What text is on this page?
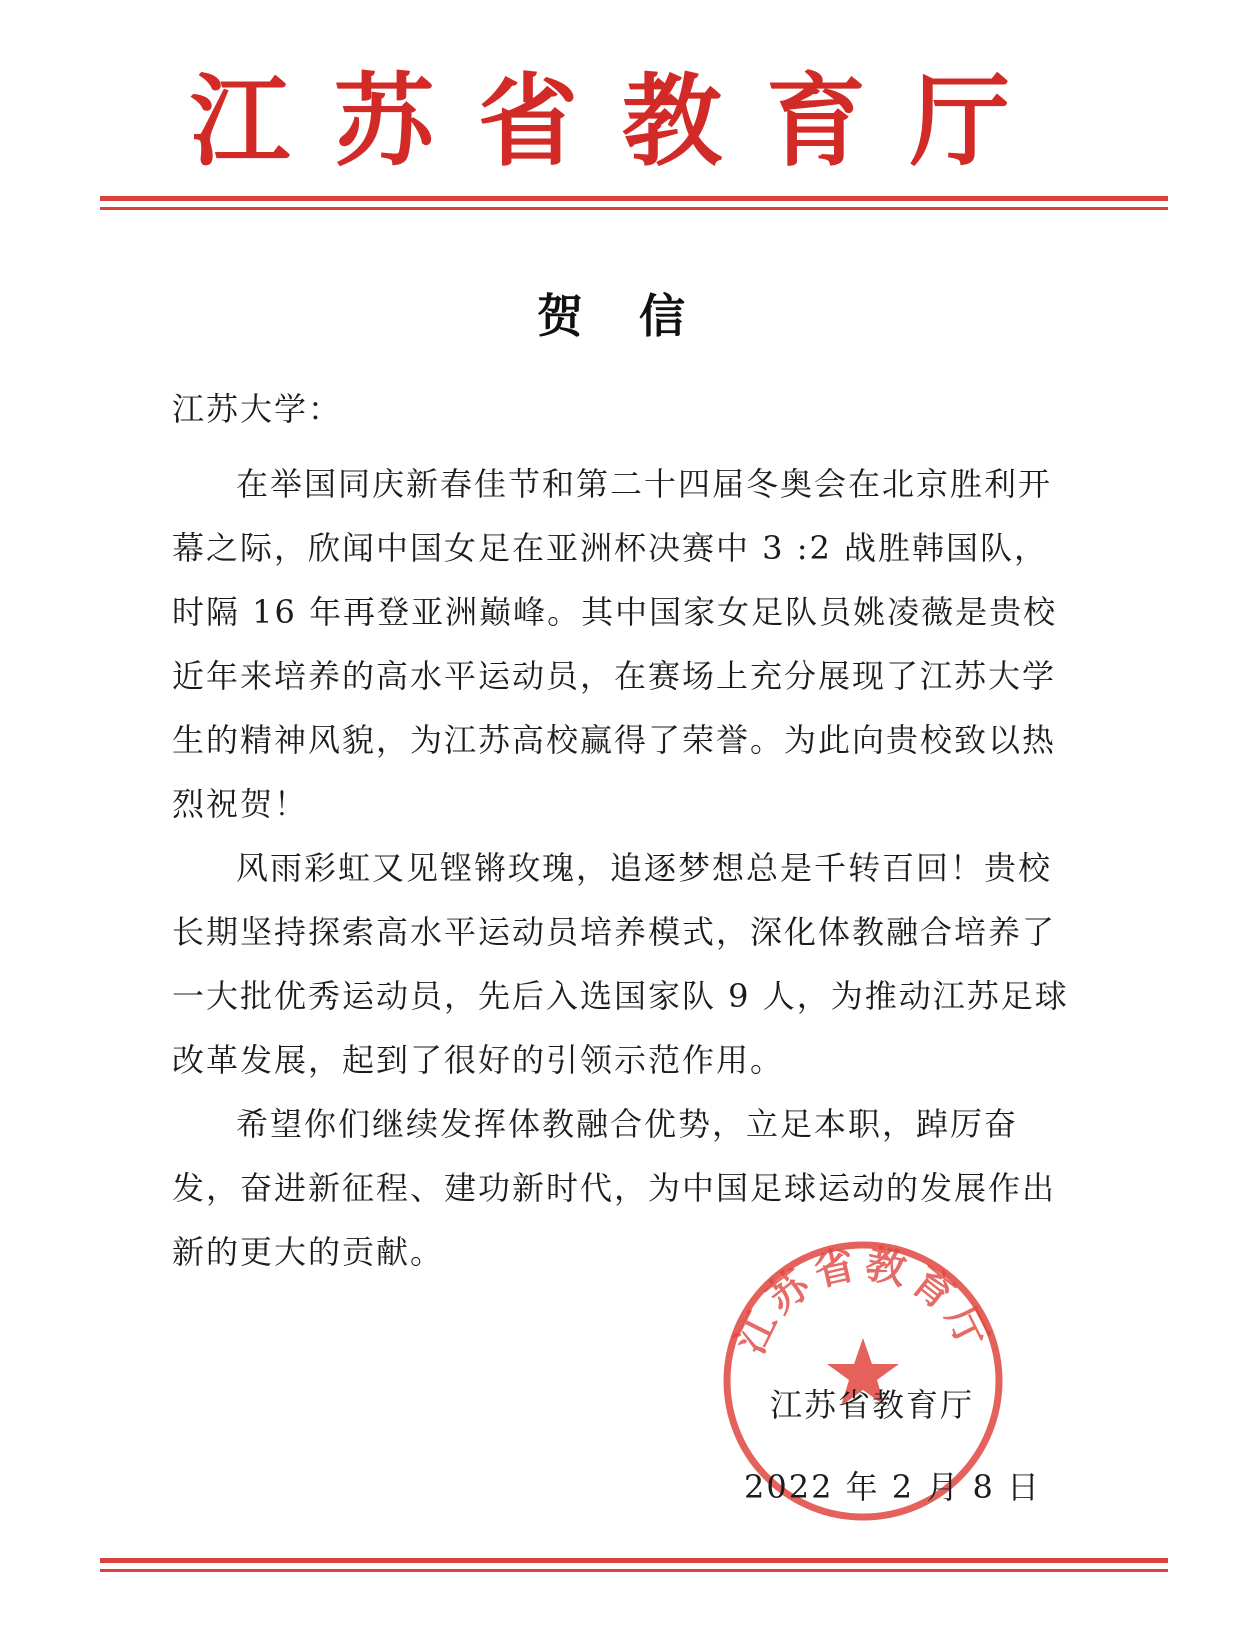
江 苏 省 教 育 厅
贺 信
江苏大学：

在举国同庆新春佳节和第二十四届冬奥会在北京胜利开幕之际，欣闻中国女足在亚洲杯决赛中 3 :2 战胜韩国队，时隔 16 年再登亚洲巅峰。其中国家女足队员姚凌薇是贵校近年来培养的高水平运动员，在赛场上充分展现了江苏大学生的精神风貌，为江苏高校赢得了荣誉。为此向贵校致以热烈祝贺！

风雨彩虹又见铿锵玫瑰，追逐梦想总是千转百回！贵校长期坚持探索高水平运动员培养模式，深化体教融合培养了一大批优秀运动员，先后入选国家队 9 人，为推动江苏足球改革发展，起到了很好的引领示范作用。

希望你们继续发挥体教融合优势，立足本职，踔厉奋发，奋进新征程、建功新时代，为中国足球运动的发展作出新的更大的贡献。

江苏省教育厅
江苏省教育厅
2022 年 2 月 8 日
